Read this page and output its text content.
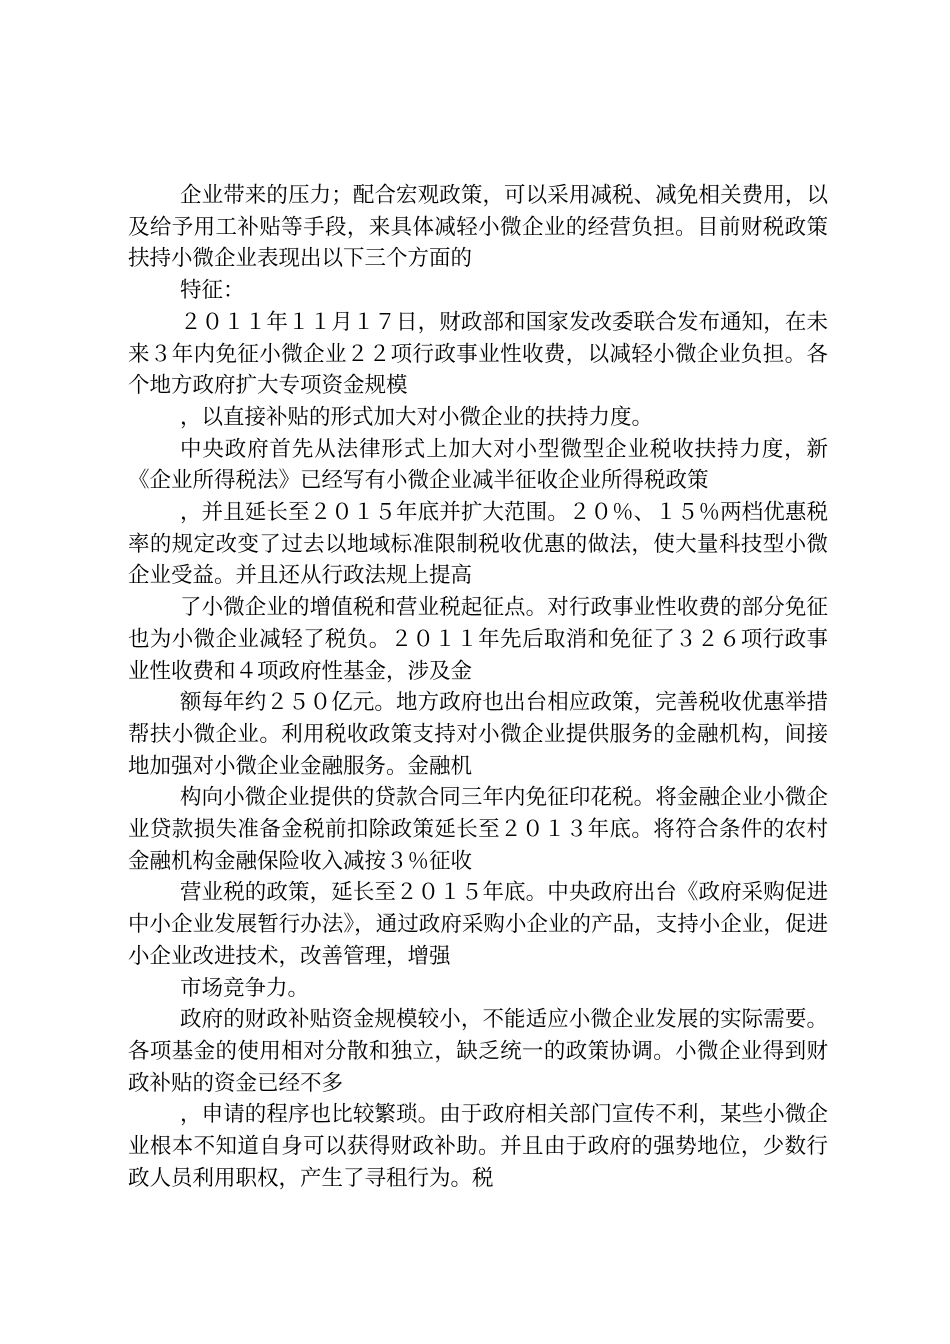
企业带来的压力；配合宏观政策，可以采用减税、减免相关费用，以及给予用工补贴等手段，来具体减轻小微企业的经营负担。目前财税政策扶持小微企业表现出以下三个方面的

特征：

２０１１年１１月１７日，财政部和国家发改委联合发布通知，在未来３年内免征小微企业２２项行政事业性收费，以减轻小微企业负担。各个地方政府扩大专项资金规模

，以直接补贴的形式加大对小微企业的扶持力度。

中央政府首先从法律形式上加大对小型微型企业税收扶持力度，新《企业所得税法》已经写有小微企业减半征收企业所得税政策

，并且延长至２０１５年底并扩大范围。２０％、１５％两档优惠税率的规定改变了过去以地域标准限制税收优惠的做法，使大量科技型小微企业受益。并且还从行政法规上提高

了小微企业的增值税和营业税起征点。对行政事业性收费的部分免征也为小微企业减轻了税负。２０１１年先后取消和免征了３２６项行政事业性收费和４项政府性基金，涉及金

额每年约２５０亿元。地方政府也出台相应政策，完善税收优惠举措帮扶小微企业。利用税收政策支持对小微企业提供服务的金融机构，间接地加强对小微企业金融服务。金融机

构向小微企业提供的贷款合同三年内免征印花税。将金融企业小微企业贷款损失准备金税前扣除政策延长至２０１３年底。将符合条件的农村金融机构金融保险收入减按３％征收

营业税的政策，延长至２０１５年底。中央政府出台《政府采购促进中小企业发展暂行办法》，通过政府采购小企业的产品，支持小企业，促进小企业改进技术，改善管理，增强

市场竞争力。

政府的财政补贴资金规模较小，不能适应小微企业发展的实际需要。各项基金的使用相对分散和独立，缺乏统一的政策协调。小微企业得到财政补贴的资金已经不多

，申请的程序也比较繁琐。由于政府相关部门宣传不利，某些小微企业根本不知道自身可以获得财政补助。并且由于政府的强势地位，少数行政人员利用职权，产生了寻租行为。税
